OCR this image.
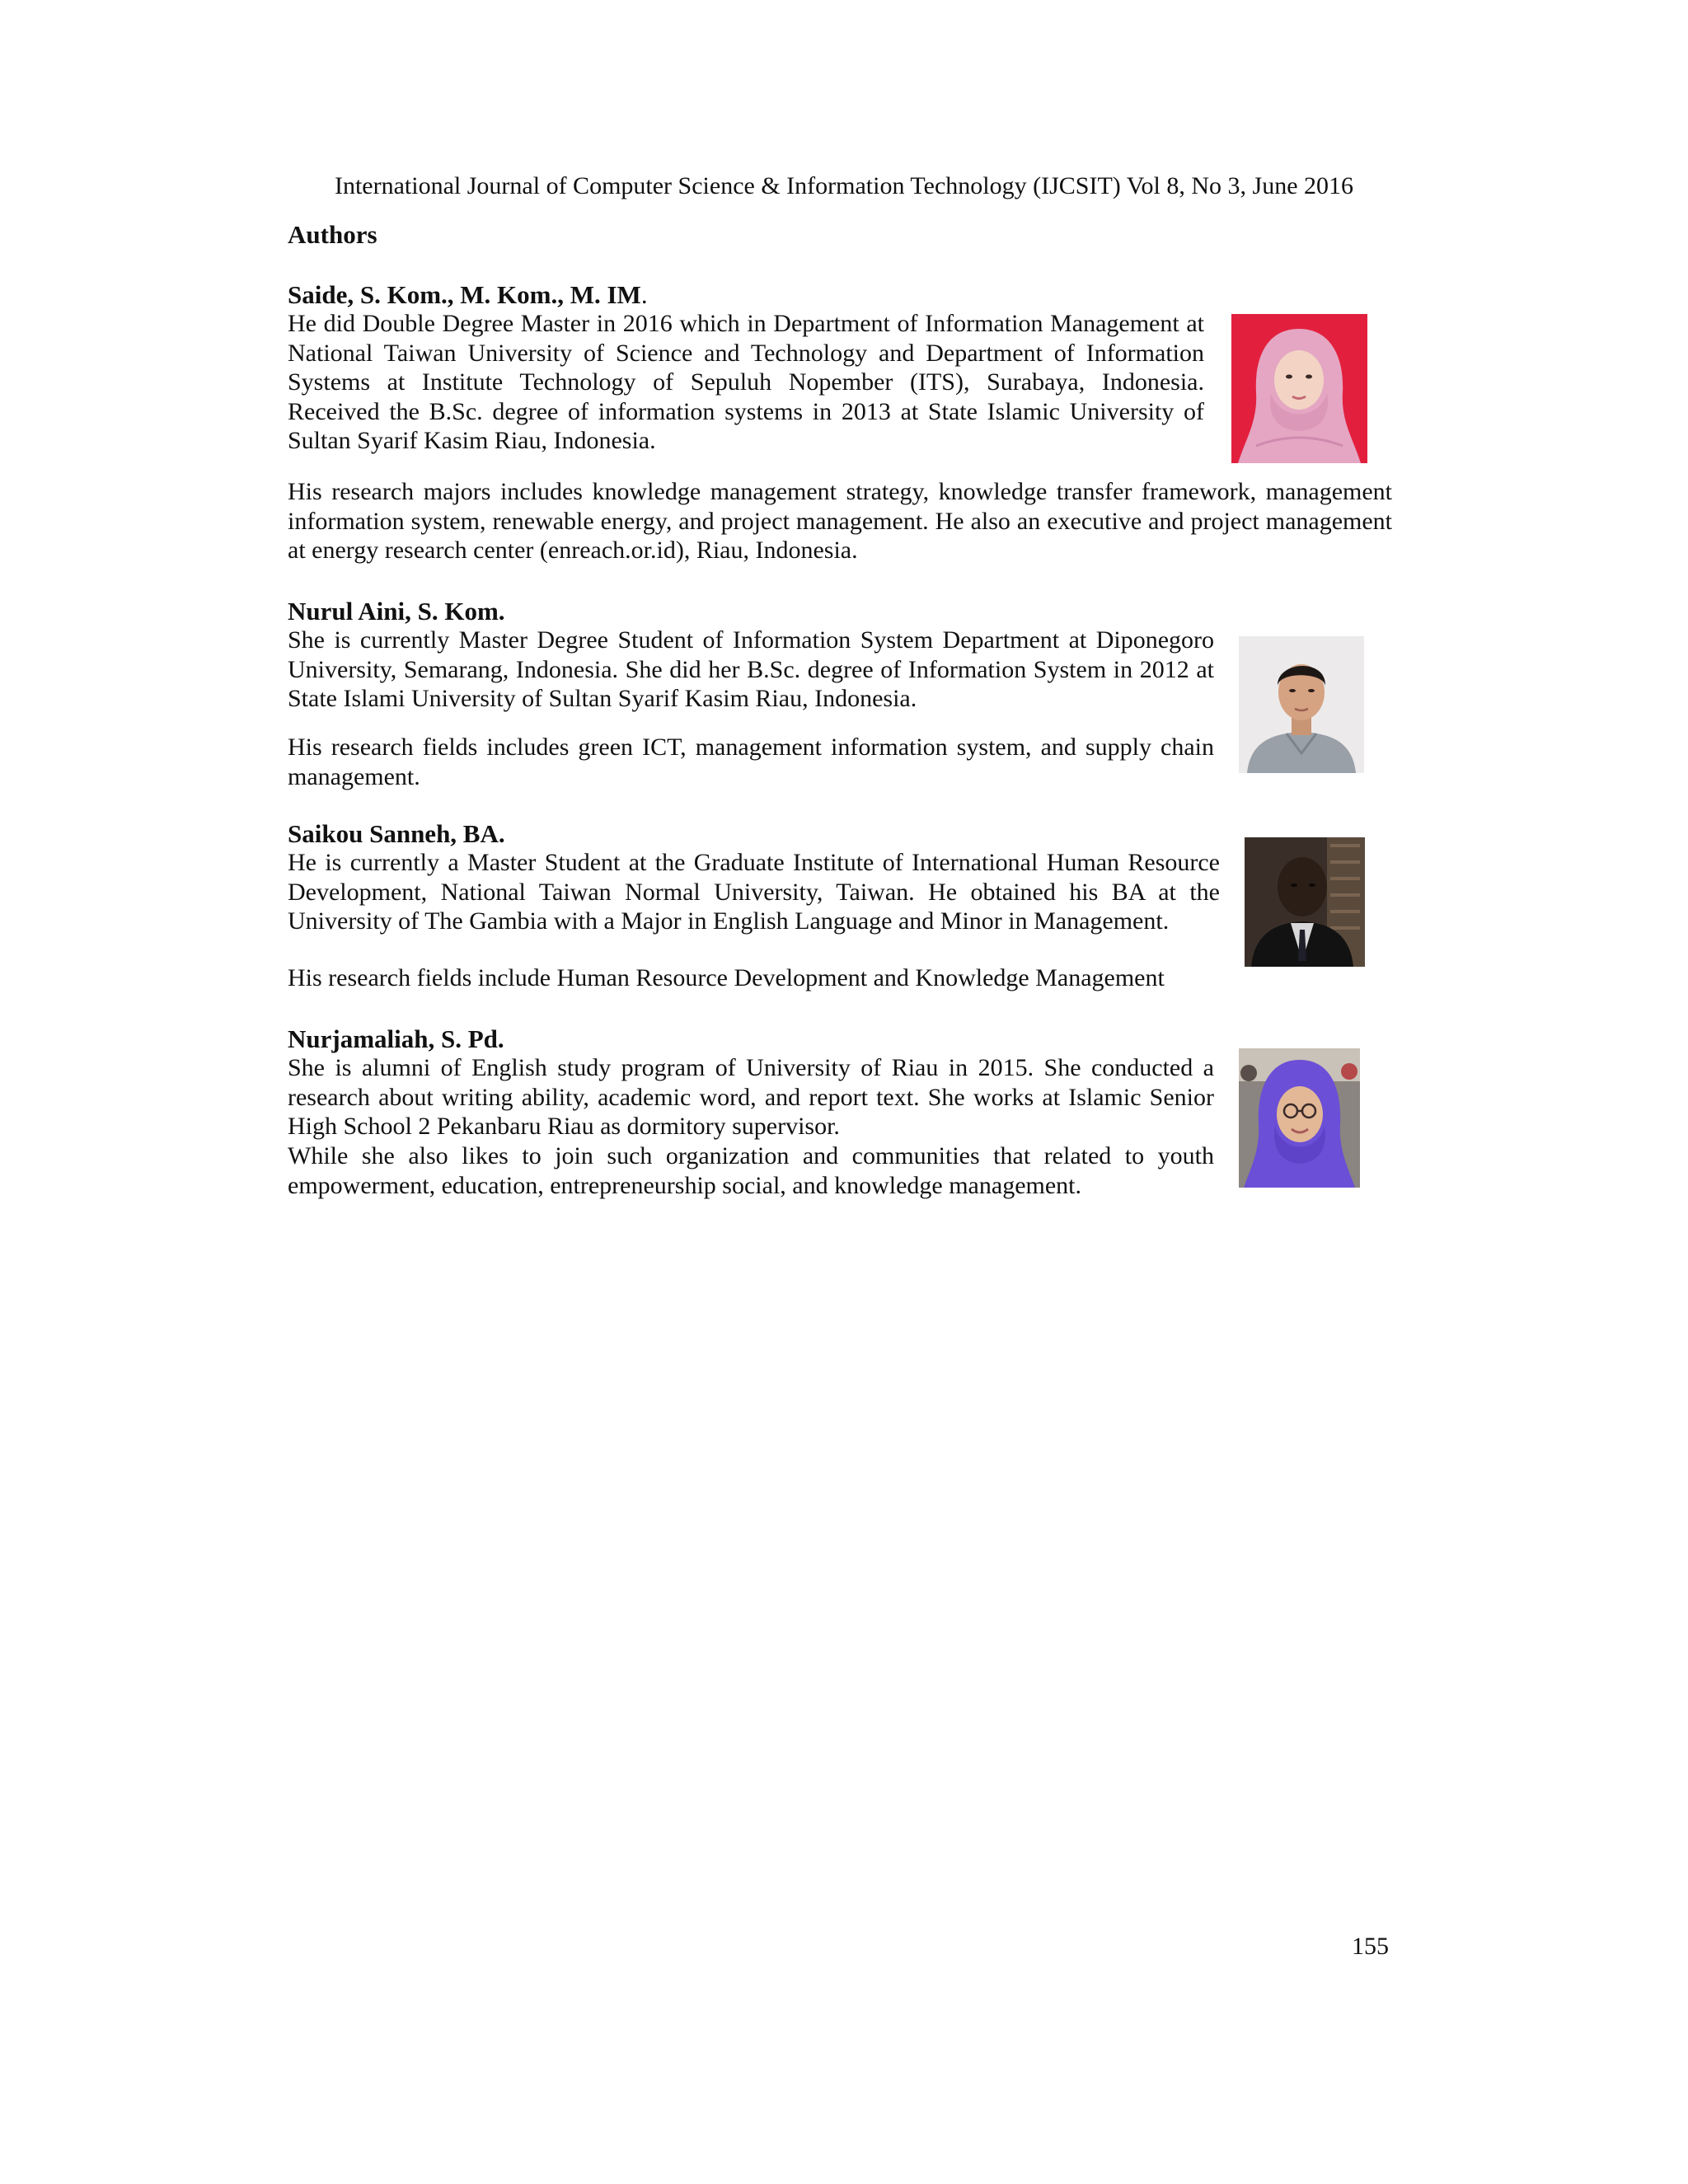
International Journal of Computer Science & Information Technology (IJCSIT) Vol 8, No 3, June 2016
Authors
Saide, S. Kom., M. Kom., M. IM.
He did Double Degree Master in 2016 which in Department of Information Management at National Taiwan University of Science and Technology and Department of Information Systems at Institute Technology of Sepuluh Nopember (ITS), Surabaya, Indonesia. Received the B.Sc. degree of information systems in 2013 at State Islamic University of Sultan Syarif Kasim Riau, Indonesia.
His research majors includes knowledge management strategy, knowledge transfer framework, management information system, renewable energy, and project management. He also an executive and project management at energy research center (enreach.or.id), Riau, Indonesia.
Nurul Aini, S. Kom.
She is currently Master Degree Student of Information System Department at Diponegoro University, Semarang, Indonesia. She did her B.Sc. degree of Information System in 2012 at State Islami University of Sultan Syarif Kasim Riau, Indonesia.
His research fields includes green ICT, management information system, and supply chain management.
Saikou Sanneh, BA.
He is currently a Master Student at the Graduate Institute of International Human Resource Development, National Taiwan Normal University, Taiwan. He obtained his BA at the University of The Gambia with a Major in English Language and Minor in Management.
His research fields include Human Resource Development and Knowledge Management
Nurjamaliah, S. Pd.
She is alumni of English study program of University of Riau in 2015. She conducted a research about writing ability, academic word, and report text. She works at Islamic Senior High School 2 Pekanbaru Riau as dormitory supervisor.
While she also likes to join such organization and communities that related to youth empowerment, education, entrepreneurship social, and knowledge management.
155
